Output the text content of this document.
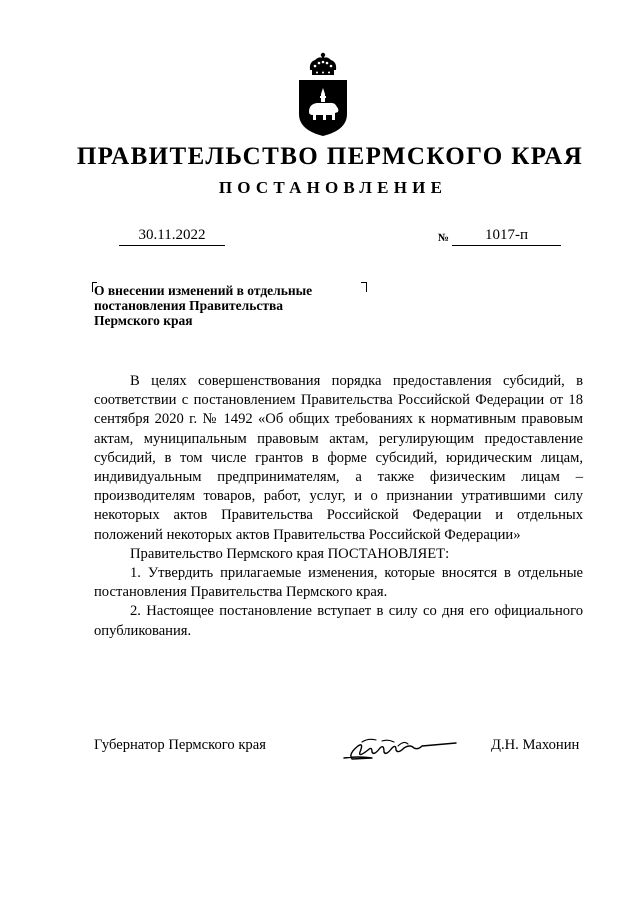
ПРАВИТЕЛЬСТВО ПЕРМСКОГО КРАЯ
ПОСТАНОВЛЕНИЕ
30.11.2022	№	1017-п
О внесении изменений в отдельные
постановления Правительства
Пермского края

В целях совершенствования порядка предоставления субсидий, в соответствии с постановлением Правительства Российской Федерации от 18 сентября 2020 г. № 1492 «Об общих требованиях к нормативным правовым актам, муниципальным правовым актам, регулирующим предоставление субсидий, в том числе грантов в форме субсидий, юридическим лицам, индивидуальным предпринимателям, а также физическим лицам – производителям товаров, работ, услуг, и о признании утратившими силу некоторых актов Правительства Российской Федерации и отдельных положений некоторых актов Правительства Российской Федерации»

Правительство Пермского края ПОСТАНОВЛЯЕТ:

1. Утвердить прилагаемые изменения, которые вносятся в отдельные постановления Правительства Пермского края.

2. Настоящее постановление вступает в силу со дня его официального опубликования.

Губернатор Пермского края	Д.Н. Махонин
